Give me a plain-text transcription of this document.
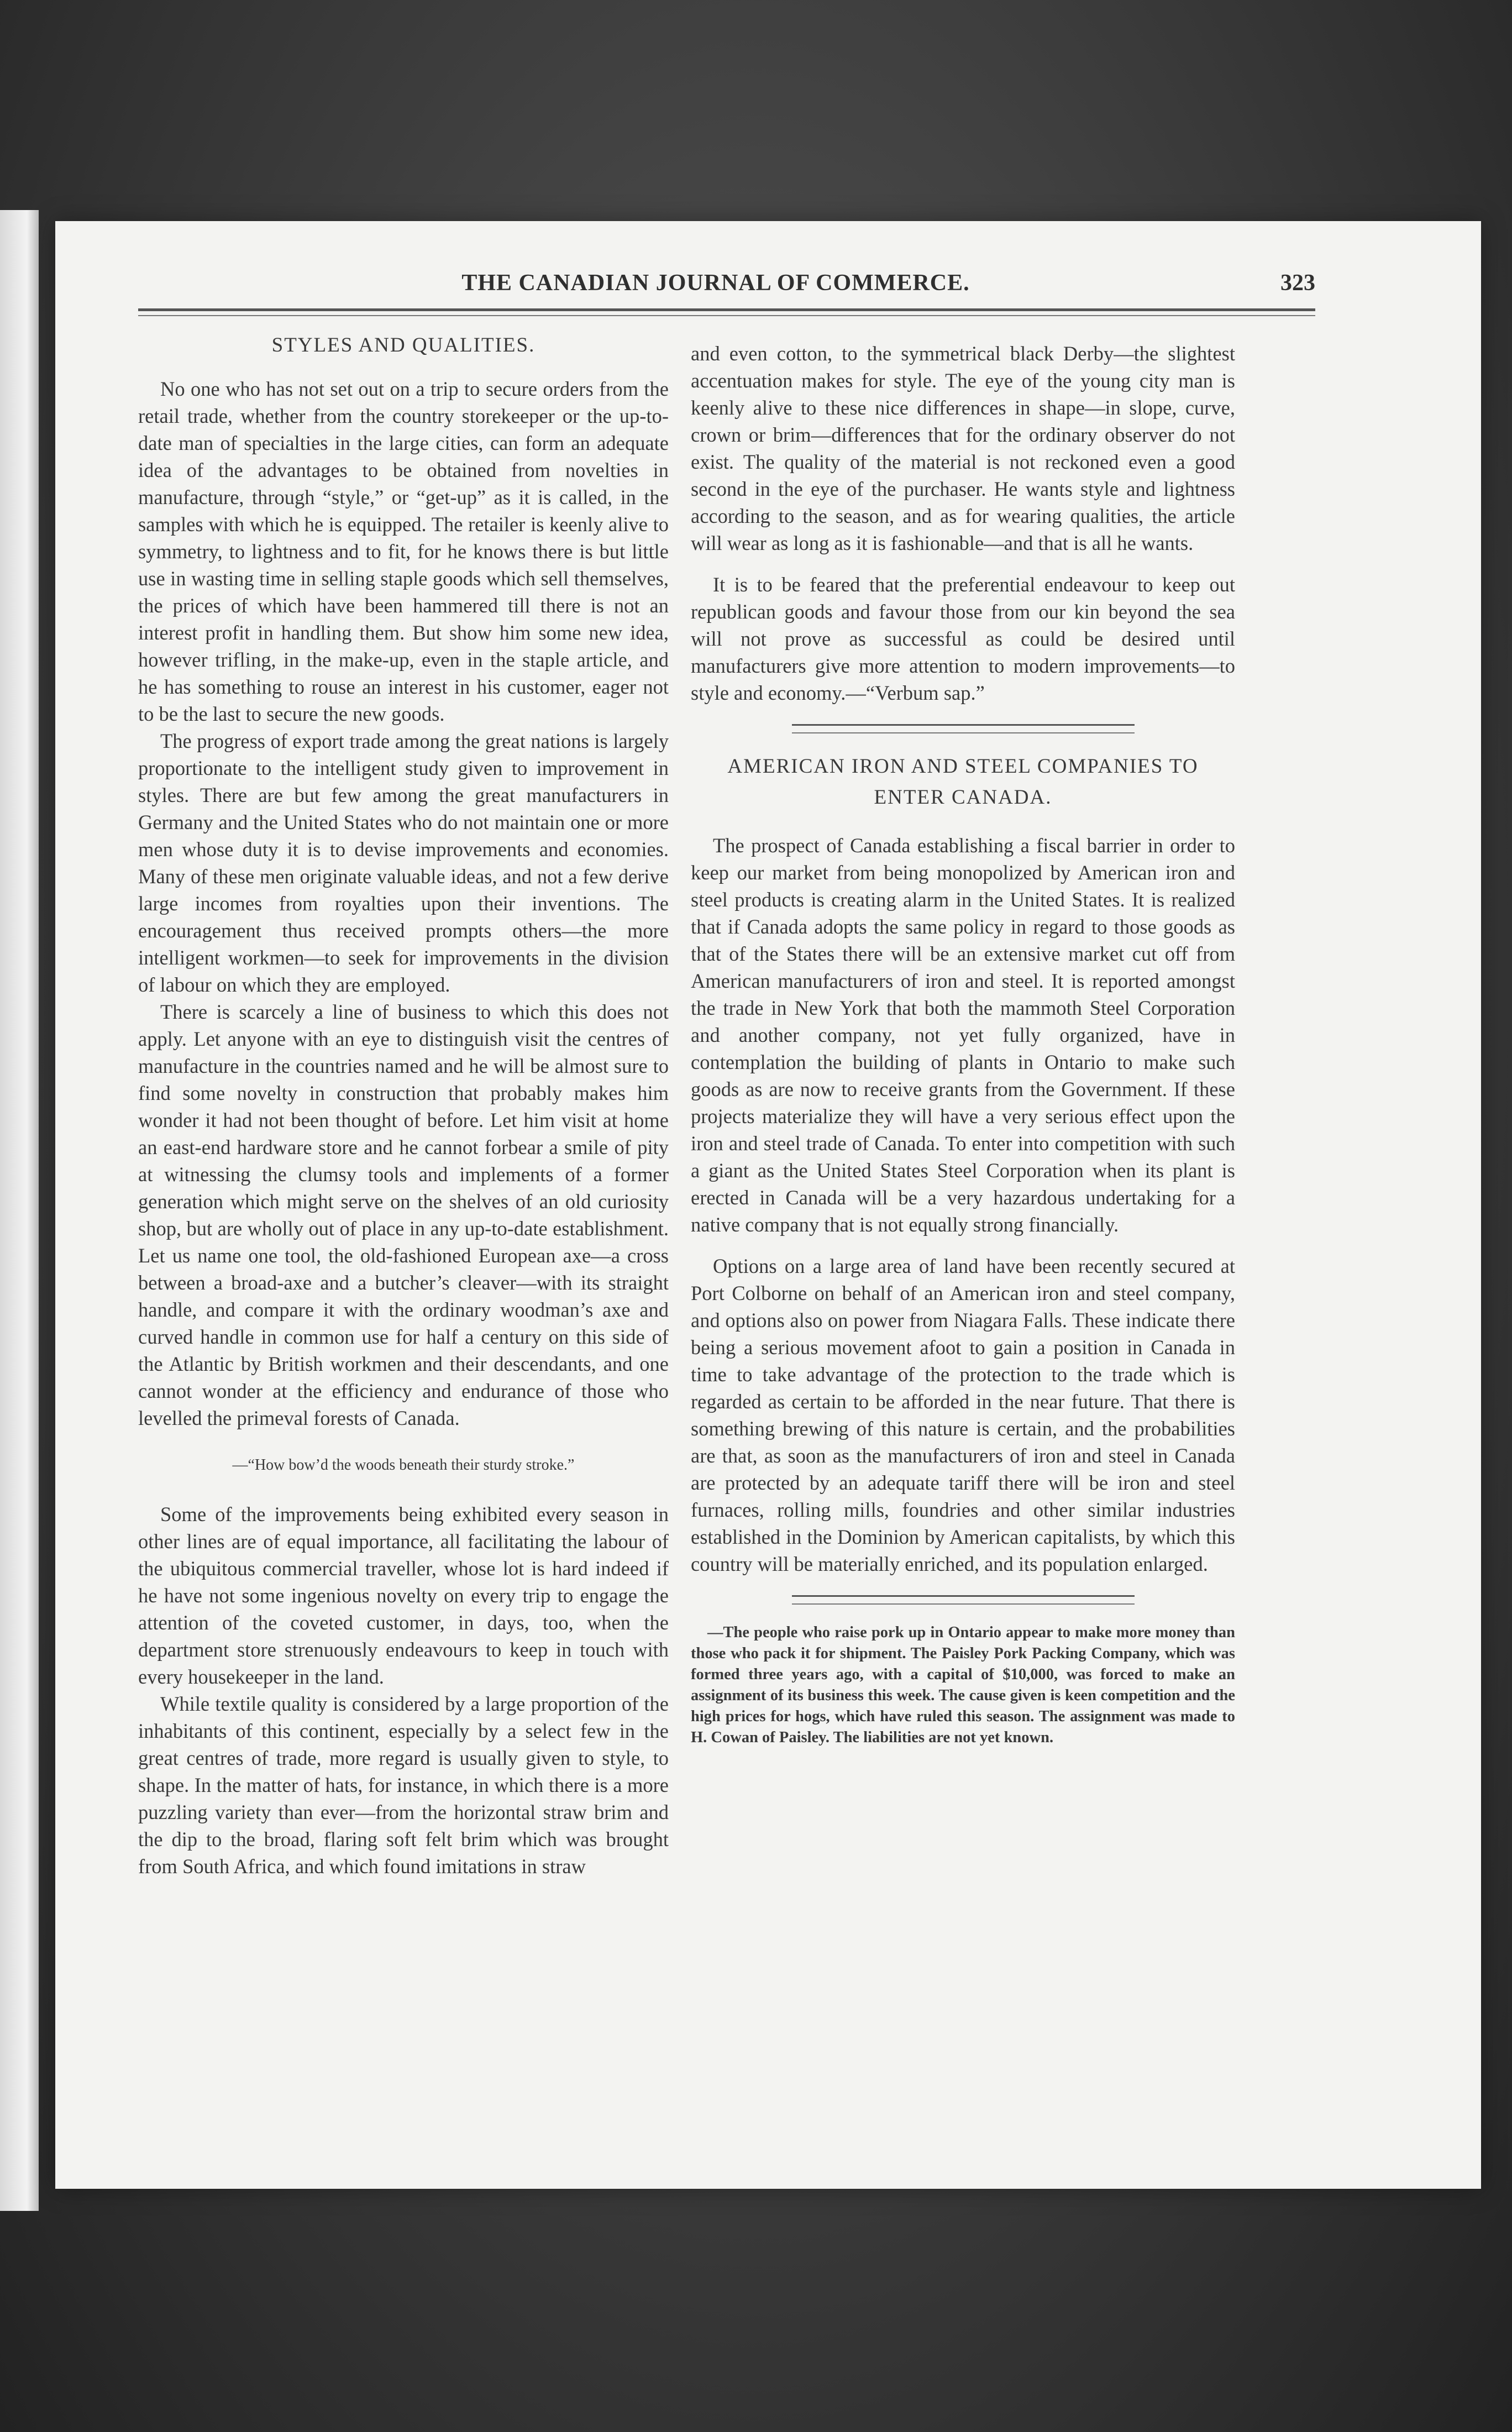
THE CANADIAN JOURNAL OF COMMERCE.	323
STYLES AND QUALITIES.

No one who has not set out on a trip to secure orders from the retail trade, whether from the country storekeeper or the up-to-date man of specialties in the large cities, can form an adequate idea of the advantages to be obtained from novelties in manufacture, through “style,” or “get-up” as it is called, in the samples with which he is equipped. The retailer is keenly alive to symmetry, to lightness and to fit, for he knows there is but little use in wasting time in selling staple goods which sell themselves, the prices of which have been hammered till there is not an interest profit in handling them. But show him some new idea, however trifling, in the make-up, even in the staple article, and he has something to rouse an interest in his customer, eager not to be the last to secure the new goods.

The progress of export trade among the great nations is largely proportionate to the intelligent study given to improvement in styles. There are but few among the great manufacturers in Germany and the United States who do not maintain one or more men whose duty it is to devise improvements and economies. Many of these men originate valuable ideas, and not a few derive large incomes from royalties upon their inventions. The encouragement thus received prompts others—the more intelligent workmen—to seek for improvements in the division of labour on which they are employed.

There is scarcely a line of business to which this does not apply. Let anyone with an eye to distinguish visit the centres of manufacture in the countries named and he will be almost sure to find some novelty in construction that probably makes him wonder it had not been thought of before. Let him visit at home an east-end hardware store and he cannot forbear a smile of pity at witnessing the clumsy tools and implements of a former generation which might serve on the shelves of an old curiosity shop, but are wholly out of place in any up-to-date establishment. Let us name one tool, the old-fashioned European axe—a cross between a broad-axe and a butcher’s cleaver—with its straight handle, and compare it with the ordinary woodman’s axe and curved handle in common use for half a century on this side of the Atlantic by British workmen and their descendants, and one cannot wonder at the efficiency and endurance of those who levelled the primeval forests of Canada.

—“How bow’d the woods beneath their sturdy stroke.”

Some of the improvements being exhibited every season in other lines are of equal importance, all facilitating the labour of the ubiquitous commercial traveller, whose lot is hard indeed if he have not some ingenious novelty on every trip to engage the attention of the coveted customer, in days, too, when the department store strenuously endeavours to keep in touch with every housekeeper in the land.

While textile quality is considered by a large proportion of the inhabitants of this continent, especially by a select few in the great centres of trade, more regard is usually given to style, to shape. In the matter of hats, for instance, in which there is a more puzzling variety than ever—from the horizontal straw brim and the dip to the broad, flaring soft felt brim which was brought from South Africa, and which found imitations in straw

and even cotton, to the symmetrical black Derby—the slightest accentuation makes for style. The eye of the young city man is keenly alive to these nice differences in shape—in slope, curve, crown or brim—differences that for the ordinary observer do not exist. The quality of the material is not reckoned even a good second in the eye of the purchaser. He wants style and lightness according to the season, and as for wearing qualities, the article will wear as long as it is fashionable—and that is all he wants.

It is to be feared that the preferential endeavour to keep out republican goods and favour those from our kin beyond the sea will not prove as successful as could be desired until manufacturers give more attention to modern improvements—to style and economy.—“Verbum sap.”

AMERICAN IRON AND STEEL COMPANIES TO ENTER CANADA.

The prospect of Canada establishing a fiscal barrier in order to keep our market from being monopolized by American iron and steel products is creating alarm in the United States. It is realized that if Canada adopts the same policy in regard to those goods as that of the States there will be an extensive market cut off from American manufacturers of iron and steel. It is reported amongst the trade in New York that both the mammoth Steel Corporation and another company, not yet fully organized, have in contemplation the building of plants in Ontario to make such goods as are now to receive grants from the Government. If these projects materialize they will have a very serious effect upon the iron and steel trade of Canada. To enter into competition with such a giant as the United States Steel Corporation when its plant is erected in Canada will be a very hazardous undertaking for a native company that is not equally strong financially.

Options on a large area of land have been recently secured at Port Colborne on behalf of an American iron and steel company, and options also on power from Niagara Falls. These indicate there being a serious movement afoot to gain a position in Canada in time to take advantage of the protection to the trade which is regarded as certain to be afforded in the near future. That there is something brewing of this nature is certain, and the probabilities are that, as soon as the manufacturers of iron and steel in Canada are protected by an adequate tariff there will be iron and steel furnaces, rolling mills, foundries and other similar industries established in the Dominion by American capitalists, by which this country will be materially enriched, and its population enlarged.

—The people who raise pork up in Ontario appear to make more money than those who pack it for shipment. The Paisley Pork Packing Company, which was formed three years ago, with a capital of $10,000, was forced to make an assignment of its business this week. The cause given is keen competition and the high prices for hogs, which have ruled this season. The assignment was made to H. Cowan of Paisley. The liabilities are not yet known.
